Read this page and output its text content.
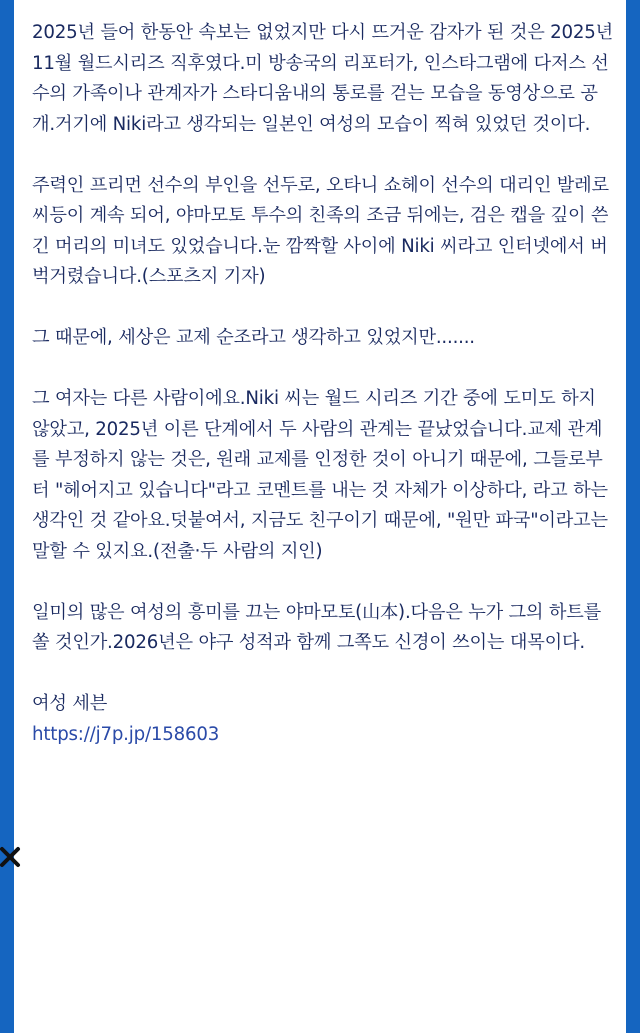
2025년 들어 한동안 속보는 없었지만 다시 뜨거운 감자가 된 것은 2025년 11월 월드시리즈 직후였다.미 방송국의 리포터가, 인스타그램에 다저스 선수의 가족이나 관계자가 스타디움내의 통로를 걷는 모습을 동영상으로 공개.거기에 Niki라고 생각되는 일본인 여성의 모습이 찍혀 있었던 것이다.

주력인 프리먼 선수의 부인을 선두로, 오타니 쇼헤이 선수의 대리인 발레로씨등이 계속 되어, 야마모토 투수의 친족의 조금 뒤에는, 검은 캡을 깊이 쓴 긴 머리의 미녀도 있었습니다.눈 깜짝할 사이에 Niki 씨라고 인터넷에서 버벅거렸습니다.(스포츠지 기자)

그 때문에, 세상은 교제 순조라고 생각하고 있었지만.......

그 여자는 다른 사람이에요.Niki 씨는 월드 시리즈 기간 중에 도미도 하지 않았고, 2025년 이른 단계에서 두 사람의 관계는 끝났었습니다.교제 관계를 부정하지 않는 것은, 원래 교제를 인정한 것이 아니기 때문에, 그들로부터 "헤어지고 있습니다"라고 코멘트를 내는 것 자체가 이상하다, 라고 하는 생각인 것 같아요.덧붙여서, 지금도 친구이기 때문에, "원만 파국"이라고는 말할 수 있지요.(전출·두 사람의 지인)

일미의 많은 여성의 흥미를 끄는 야마모토(山本).다음은 누가 그의 하트를 쏠 것인가.2026년은 야구 성적과 함께 그쪽도 신경이 쓰이는 대목이다.

여성 세븐

https://j7p.jp/158603
